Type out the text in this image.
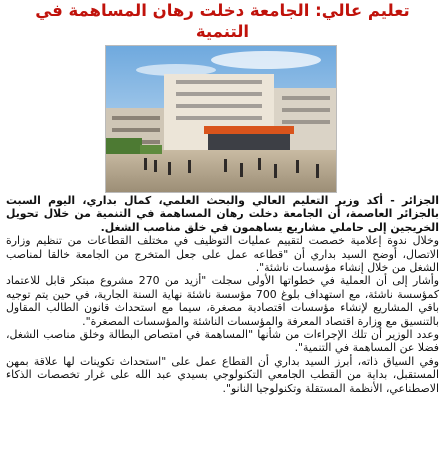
تعليم عالي: الجامعة دخلت رهان المساهمة في التنمية

الجزائر - أكد وزير التعليم العالي والبحث العلمي، كمال بداري، اليوم السبت بالجزائر العاصمة، أن الجامعة دخلت رهان المساهمة في التنمية من خلال تحويل الخريجين إلى حاملي مشاريع يساهمون في خلق مناصب الشغل.

وخلال ندوة إعلامية خصصت لتقييم عمليات التوظيف في مختلف القطاعات من تنظيم وزارة الاتصال، أوضح السيد بداري أن "قطاعه عمل على جعل المتخرج من الجامعة خالقا لمناصب الشغل من خلال إنشاء مؤسسات ناشئة".

وأشار إلى أن العملية في خطواتها الأولى سجلت "أزيد من 270 مشروع مبتكر قابل للاعتماد كمؤسسة ناشئة، مع استهداف بلوغ 700 مؤسسة ناشئة نهاية السنة الجارية، في حين يتم توجيه باقي المشاريع لإنشاء مؤسسات اقتصادية مصغرة، سيما مع استحداث قانون الطالب المقاول بالتنسيق مع وزارة اقتصاد المعرفة والمؤسسات الناشئة والمؤسسات المصغرة".

وعدد الوزير أن تلك الإجراءات من شأنها "المساهمة في امتصاص البطالة وخلق مناصب الشغل، فضلا عن المساهمة في التنمية".

وفي السياق ذاته، أبرز السيد بداري أن القطاع عمل على "استحداث تكوينات لها علاقة بمهن المستقبل، بداية من القطب الجامعي التكنولوجي بسيدي عبد الله على غرار تخصصات الذكاء الاصطناعي، الأنظمة المستقلة وتكنولوجيا النانو".
